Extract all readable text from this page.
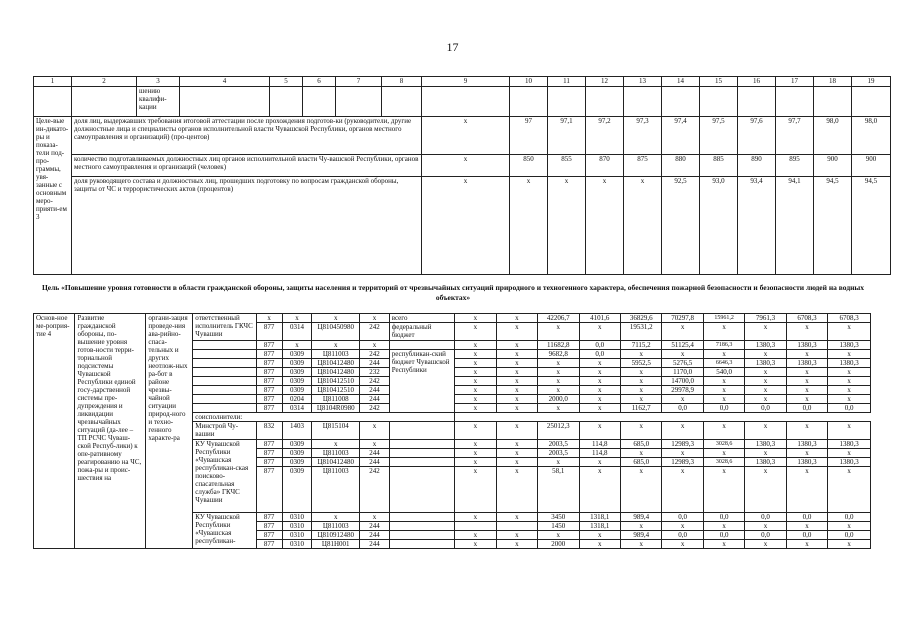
17
1	2	3	4	5	6	7	8	9	10	11	12	13	14	15	16	17	18	19
		шению квалифи-кации																
Целе-вые ин-дикато-ры и показа-тели под-про-граммы, увя-занные с основным меро-прияти-ем 3	доля лиц, выдержавших требования итоговой аттестации после прохождения подготов-ки (руководители, другие должностные лица и специалисты органов исполнительной власти Чувашской Республики, органов местного самоуправления и организаций) (про-центов)							x	97	97,1	97,2	97,3	97,4	97,5	97,6	97,7	98,0	98,0
	количество подготавливаемых должностных лиц органов исполнительной власти Чу-вашской Республики, органов местного самоуправления и организаций (человек)							x	850	855	870	875	880	885	890	895	900	900
	доля руководящего состава и должностных лиц, прошедших подготовку по вопросам гражданской обороны, защиты от ЧС и террористических актов (процентов)							x	x	x	x	x	92,5	93,0	93,4	94,1	94,5	94,5
Цель «Повышение уровня готовности в области гражданской обороны, защиты населения и территорий от чрезвычайных ситуаций природного и техногенного характера, обеспечения пожарной безопасности и безопасности людей на водных объектах»
Основ-ное ме-роприя-тие 4	Развитие гражданской обороны, по-вышение уровня готов-ности терри-ториальной подсистемы Чувашской Республики единой госу-дарственной системы пре-дупреждения и ликвидации чрезвычайных ситуаций (да-лее – ТП РСЧС Чуваш-ской Респуб-лики) к опе-ративному реагированию на ЧС, пожа-ры и проис-шествия на	органи-зация проведе-ния ава-рийно-спаса-тельных и других неотлож-ных ра-бот в районе чрезвы-чайной ситуации природ-ного и техно-генного характе-ра	ответственный исполнитель ГКЧС Чувашии	x	x	x	x	всего	x	x	42206,7	4101,6	36829,6	70297,8	15961,2	7961,3	6708,3	6708,3
				877	0314	Ц810450980	242	федеральный бюджет	x	x	x	x	19531,2	x	x	x	x	x
				877	x	x	x		x	x	11682,8	0,0	7115,2	51125,4	7186,3	1380,3	1380,3	1380,3
				877	0309	Ц811003	242	республикан-ский бюджет Чувашской Республики	x	x	9682,8	0,0	x	x	x	x	x	x
				877	0309	Ц810412480	244		x	x	x	x	5952,5	5276,5	6646,3	1380,3	1380,3	1380,3
				877	0309	Ц810412480	232		x	x	x	x	x	1170,0	540,0	x	x	x
				877	0309	Ц810412510	242		x	x	x	x	x	14700,0	x	x	x	x
				877	0309	Ц810412510	244		x	x	x	x	x	29978,9	x	x	x	x
				877	0204	Ц811008	244		x	x	2000,0	x	x	x	x	x	x	x
				877	0314	Ц8104R0980	242		x	x	x	x	1162,7	0,0	0,0	0,0	0,0	0,0
			соисполнители:															
			Минстрой Чу-вашии	832	1403	Ц815104	x		x	x	25012,3	x	x	x	x	x	x	x
			КУ Чувашской Республики «Чувашская республикан-ская поисково-спасательная служба» ГКЧС Чувашии	877	0309	x	x		x	x	2003,5	114,8	685,0	12989,3	3028,6	1380,3	1380,3	1380,3
				877	0309	Ц811003	244		x	x	2003,5	114,8	x	x	x	x	x	x
				877	0309	Ц810412480	244		x	x	x	x	685,0	12989,3	3028,6	1380,3	1380,3	1380,3
				877	0309	Ц811003	242		x	x	58,1	x	x	x	x	x	x	x
			КУ Чувашской Республики «Чувашская республикан-	877	0310	x	x		x	x	3450	1318,1	989,4	0,0	0,0	0,0	0,0	0,0
				877	0310	Ц811003	244				1450	1318,1	x	x	x	x	x	x
				877	0310	Ц810912480	244		x	x	x	x	989,4	0,0	0,0	0,0	0,0	0,0
				877	0310	Ц81Н001	244		x	x	2000	x	x	x	x	x	x	x
